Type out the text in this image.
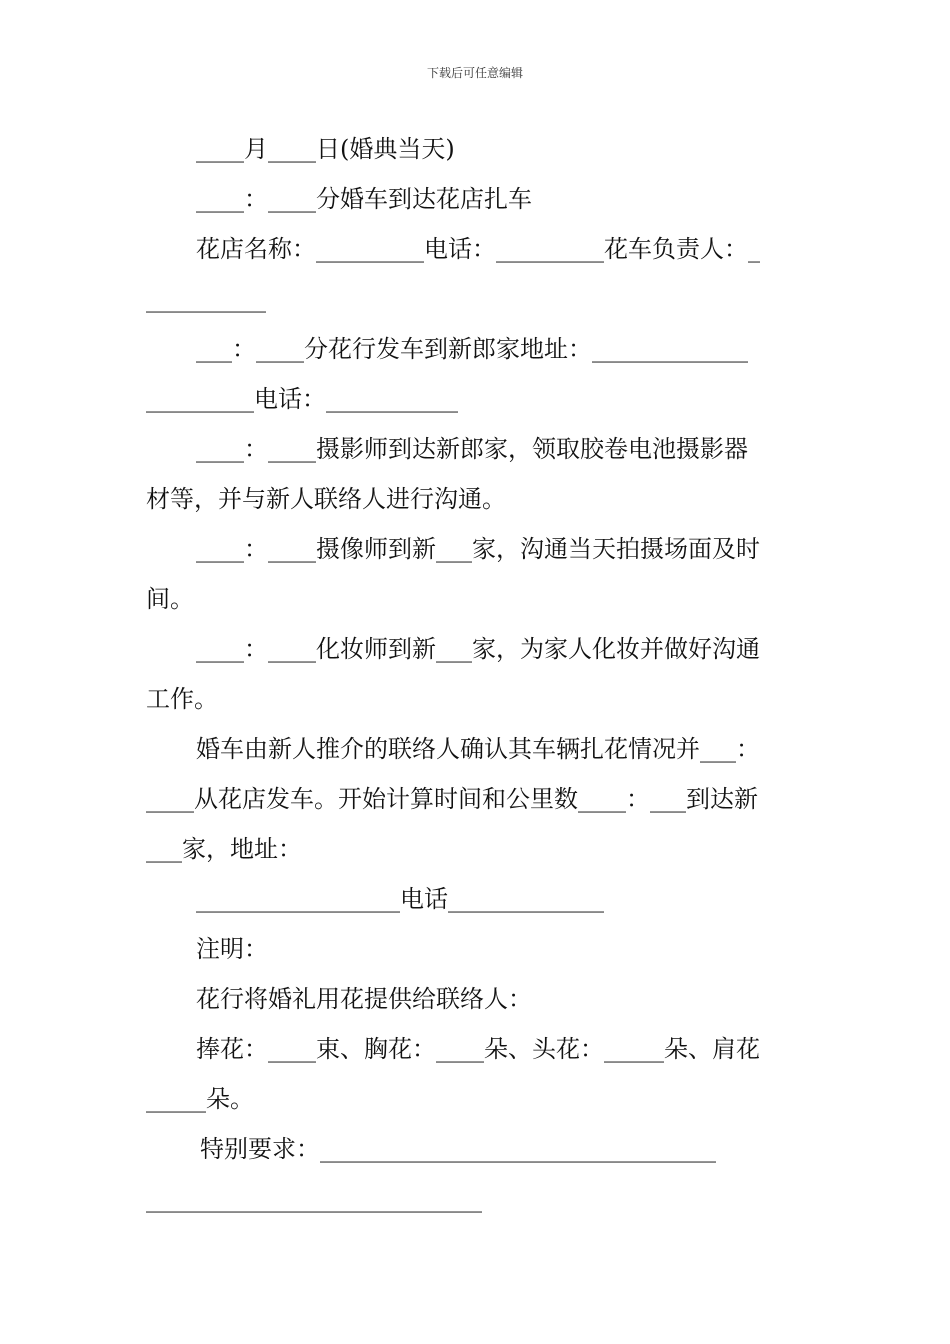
下载后可任意编辑
____月____日(婚典当天)
____：____分婚车到达花店扎车
花店名称：_________电话：_________花车负责人：_
__________
___：____分花行发车到新郎家地址：_____________
_________电话：___________
____：____摄影师到达新郎家，领取胶卷电池摄影器
材等，并与新人联络人进行沟通。
____：____摄像师到新___家，沟通当天拍摄场面及时
间。
____：____化妆师到新___家，为家人化妆并做好沟通
工作。
婚车由新人推介的联络人确认其车辆扎花情况并___：
____从花店发车。开始计算时间和公里数____：___到达新
___家，地址：
_________________电话_____________
注明：
花行将婚礼用花提供给联络人：
捧花：____束、胸花：____朵、头花：_____朵、肩花
_____朵。
特别要求：_________________________________
____________________________
